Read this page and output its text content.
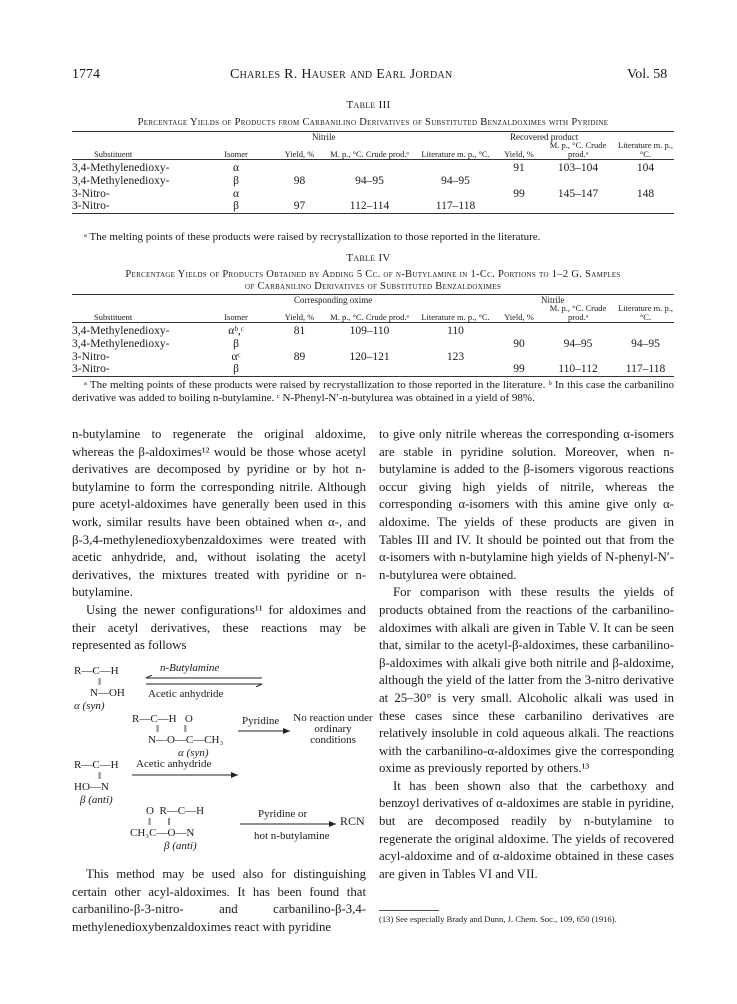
1774	Charles R. Hauser and Earl Jordan	Vol. 58
Table III
Percentage Yields of Products from Carbanilino Derivatives of Substituted Benzaldoximes with Pyridine
Nitrile	Recovered product
Substituent	Isomer	Yield, %	M. p., °C. Crude prod.ᵃ	Literature m. p., °C.	Yield, %	M. p., °C. Crude prod.ᵃ	Literature m. p., °C.

3,4-Methylenedioxy-	α				91	103–104	104
3,4-Methylenedioxy-	β	98	94–95	94–95			
3-Nitro-	α				99	145–147	148
3-Nitro-	β	97	112–114	117–118			

ᵃ The melting points of these products were raised by recrystallization to those reported in the literature.
Table IV
Percentage Yields of Products Obtained by Adding 5 Cc. of n-Butylamine in 1-Cc. Portions to 1–2 G. Samples
of Carbanilino Derivatives of Substituted Benzaldoximes
Corresponding oxime	Nitrile
Substituent	Isomer	Yield, %	M. p., °C. Crude prod.ᵃ	Literature m. p., °C.	Yield, %	M. p., °C. Crude prod.ᵃ	Literature m. p., °C.

3,4-Methylenedioxy-	αᵇ,ᶜ	81	109–110	110			
3,4-Methylenedioxy-	β				90	94–95	94–95
3-Nitro-	αᶜ	89	120–121	123			
3-Nitro-	β				99	110–112	117–118

ᵃ The melting points of these products were raised by recrystallization to those reported in the literature. ᵇ In this case the carbanilino derivative was added to boiling n-butylamine. ᶜ N-Phenyl-N′-n-butylurea was obtained in a yield of 98%.

n-butylamine to regenerate the original aldoxime, whereas the β-aldoximes¹² would be those whose acetyl derivatives are decomposed by pyridine or by hot n-butylamine to form the corresponding nitrile. Although pure acetyl-aldoximes have generally been used in this work, similar results have been obtained when α-, and β-3,4-methylenedioxybenzaldoximes were treated with acetic anhydride, and, without isolating the acetyl derivatives, the mixtures treated with pyridine or n-butylamine.

Using the newer configurations¹¹ for aldoximes and their acetyl derivatives, these reactions may be represented as follows

R—C—H
‖
N—OH
α (syn)
n-Butylamine
Acetic anhydride
R—C—H   O
‖         ‖
N—O—C—CH₃
α (syn)
Pyridine No reaction under ordinary conditions
R—C—H
‖
HO—N
β (anti)
Acetic anhydride
O  R—C—H
‖      ‖
CH₃C—O—N
β (anti)
Pyridine or
hot n-butylamine
RCN

This method may be used also for distinguishing certain other acyl-aldoximes. It has been found that carbanilino-β-3-nitro- and carbanilino-β-3,4-methylenedioxybenzaldoximes react with pyridine

to give only nitrile whereas the corresponding α-isomers are stable in pyridine solution. Moreover, when n-butylamine is added to the β-isomers vigorous reactions occur giving high yields of nitrile, whereas the corresponding α-isomers with this amine give only α-aldoxime. The yields of these products are given in Tables III and IV. It should be pointed out that from the α-isomers with n-butylamine high yields of N-phenyl-N′-n-butylurea were obtained.

For comparison with these results the yields of products obtained from the reactions of the carbanilino-aldoximes with alkali are given in Table V. It can be seen that, similar to the acetyl-β-aldoximes, these carbanilino-β-aldoximes with alkali give both nitrile and β-aldoxime, although the yield of the latter from the 3-nitro derivative at 25–30° is very small. Alcoholic alkali was used in these cases since these carbanilino derivatives are relatively insoluble in cold aqueous alkali. The reactions with the carbanilino-α-aldoximes give the corresponding oxime as previously reported by others.¹³

It has been shown also that the carbethoxy and benzoyl derivatives of α-aldoximes are stable in pyridine, but are decomposed readily by n-butylamine to regenerate the original aldoxime. The yields of recovered acyl-aldoxime and of α-aldoxime obtained in these cases are given in Tables VI and VII.

(13) See especially Brady and Dunn, J. Chem. Soc., 109, 650 (1916).
